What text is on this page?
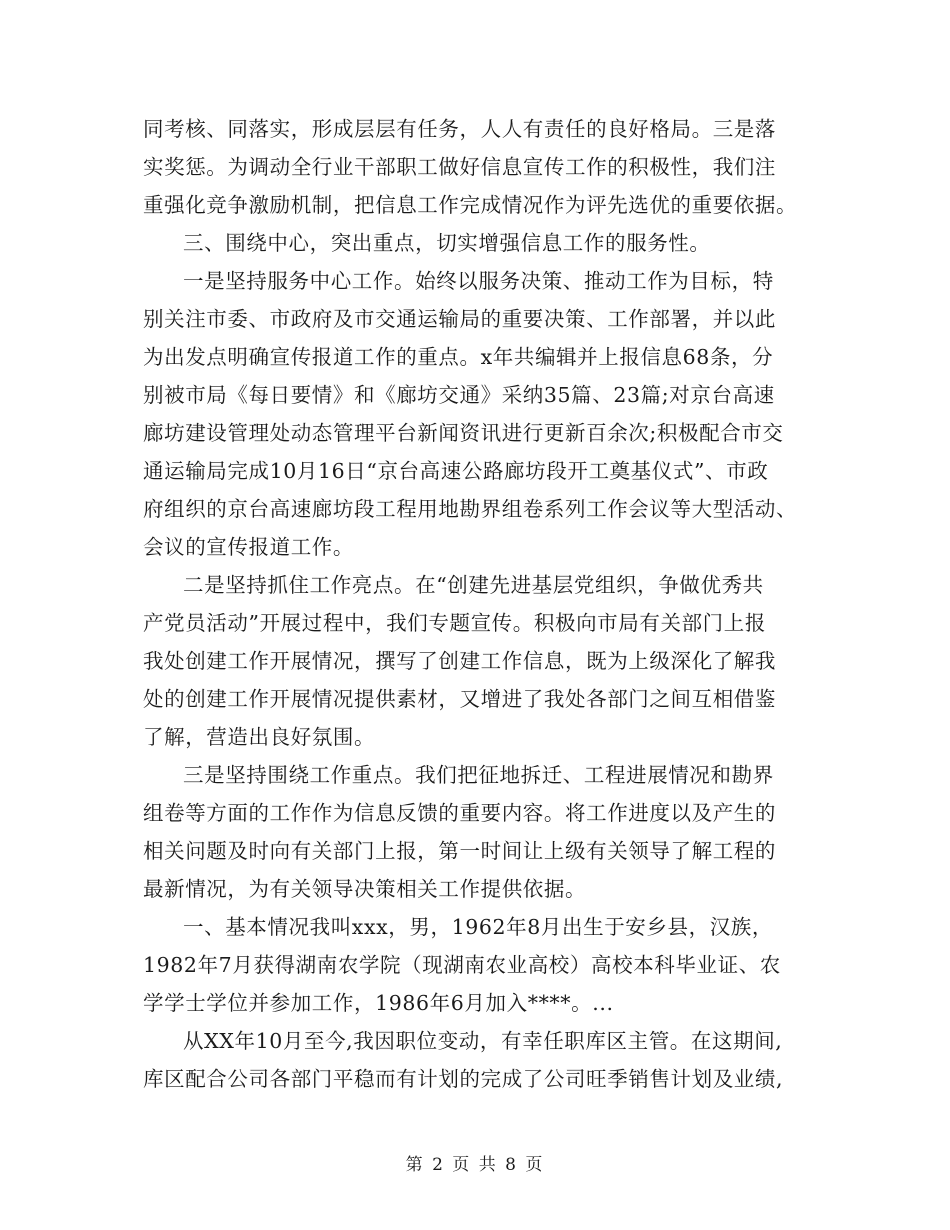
同考核、同落实，形成层层有任务，人人有责任的良好格局。三是落
实奖惩。为调动全行业干部职工做好信息宣传工作的积极性，我们注
重强化竞争激励机制，把信息工作完成情况作为评先选优的重要依据。
三、围绕中心，突出重点，切实增强信息工作的服务性。
一是坚持服务中心工作。始终以服务决策、推动工作为目标，特
别关注市委、市政府及市交通运输局的重要决策、工作部署，并以此
为出发点明确宣传报道工作的重点。x年共编辑并上报信息68条，分
别被市局《每日要情》和《廊坊交通》采纳35篇、23篇;对京台高速
廊坊建设管理处动态管理平台新闻资讯进行更新百余次;积极配合市交
通运输局完成10月16日“京台高速公路廊坊段开工奠基仪式”、市政
府组织的京台高速廊坊段工程用地勘界组卷系列工作会议等大型活动、
会议的宣传报道工作。
二是坚持抓住工作亮点。在“创建先进基层党组织，争做优秀共
产党员活动”开展过程中，我们专题宣传。积极向市局有关部门上报
我处创建工作开展情况，撰写了创建工作信息，既为上级深化了解我
处的创建工作开展情况提供素材，又增进了我处各部门之间互相借鉴
了解，营造出良好氛围。
三是坚持围绕工作重点。我们把征地拆迁、工程进展情况和勘界
组卷等方面的工作作为信息反馈的重要内容。将工作进度以及产生的
相关问题及时向有关部门上报，第一时间让上级有关领导了解工程的
最新情况，为有关领导决策相关工作提供依据。
一、基本情况我叫xxx，男，1962年8月出生于安乡县，汉族，
1982年7月获得湖南农学院（现湖南农业高校）高校本科毕业证、农
学学士学位并参加工作，1986年6月加入****。...
从XX年10月至今,我因职位变动，有幸任职库区主管。在这期间,
库区配合公司各部门平稳而有计划的完成了公司旺季销售计划及业绩,
第 2 页 共 8 页
